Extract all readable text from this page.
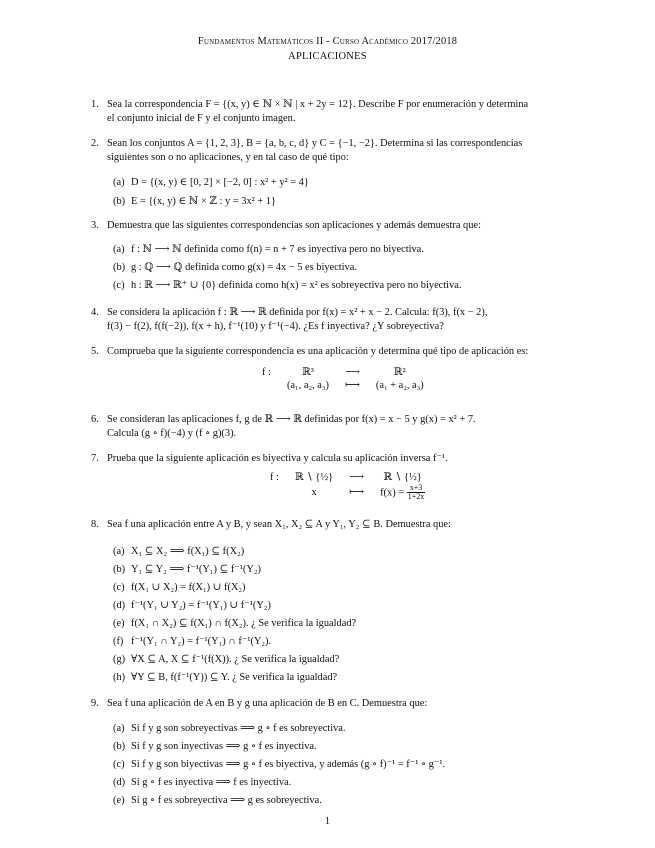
Fundamentos Matemáticos II - Curso Académico 2017/2018
APLICACIONES
1. Sea la correspondencia F = {(x, y) ∈ ℕ × ℕ | x + 2y = 12}. Describe F por enumeración y determina
el conjunto inicial de F y el conjunto imagen.
2. Sean los conjuntos A = {1, 2, 3}, B = {a, b, c, d} y C = {−1, −2}. Determina si las correspondencias
siguientes son o no aplicaciones, y en tal caso de qué tipo:
(a) D = {(x, y) ∈ [0, 2] × [−2, 0] : x² + y² = 4}
(b) E = {(x, y) ∈ ℕ × ℤ : y = 3x² + 1}
3. Demuestra que las siguientes correspondencias son aplicaciones y además demuestra que:
(a) f : ℕ ⟶ ℕ definida como f(n) = n + 7 es inyectiva pero no biyectiva.
(b) g : ℚ ⟶ ℚ definida como g(x) = 4x − 5 es biyectiva.
(c) h : ℝ ⟶ ℝ⁺ ∪ {0} definida como h(x) = x² es sobreyectiva pero no biyectiva.
4. Se considera la aplicación f : ℝ ⟶ ℝ definida por f(x) = x² + x − 2. Calcula: f(3), f(x − 2),
f(3) − f(2), f(f(−2)), f(x + h), f⁻¹(10) y f⁻¹(−4). ¿Es f inyectiva? ¿Y sobreyectiva?
5. Comprueba que la siguiente correspondencia es una aplicación y determina qué tipo de aplicación es:
f :	ℝ³	⟶	ℝ²
	(a₁, a₂, a₃)	⟼	(a₁ + a₂, a₃)
6. Se consideran las aplicaciones f, g de ℝ ⟶ ℝ definidas por f(x) = x − 5 y g(x) = x² + 7.
Calcula (g ∘ f)(−4) y (f ∘ g)(3).
7. Prueba que la siguiente aplicación es biyectiva y calcula su aplicación inversa f⁻¹.
f :	ℝ ∖ {½}	⟶	ℝ ∖ {½}
	x	⟼	$f(x) = \frac{x+3}{1+2x}$
8. Sea f una aplicación entre A y B, y sean X₁, X₂ ⊆ A y Y₁, Y₂ ⊆ B. Demuestra que:
(a) X₁ ⊆ X₂ ⟹ f(X₁) ⊆ f(X₂)
(b) Y₁ ⊆ Y₂ ⟹ f⁻¹(Y₁) ⊆ f⁻¹(Y₂)
(c) f(X₁ ∪ X₂) = f(X₁) ∪ f(X₂)
(d) f⁻¹(Y₁ ∪ Y₂) = f⁻¹(Y₁) ∪ f⁻¹(Y₂)
(e) f(X₁ ∩ X₂) ⊆ f(X₁) ∩ f(X₂). ¿ Se verifica la igualdad?
(f) f⁻¹(Y₁ ∩ Y₂) = f⁻¹(Y₁) ∩ f⁻¹(Y₂).
(g) ∀X ⊆ A, X ⊆ f⁻¹(f(X)). ¿ Se verifica la igualdad?
(h) ∀Y ⊆ B, f(f⁻¹(Y)) ⊆ Y. ¿ Se verifica la igualdad?
9. Sea f una aplicación de A en B y g una aplicación de B en C. Demuestra que:
(a) Si f y g son sobreyectivas ⟹ g ∘ f es sobreyectiva.
(b) Si f y g son inyectivas ⟹ g ∘ f es inyectiva.
(c) Si f y g son biyectivas ⟹ g ∘ f es biyectiva, y además (g ∘ f)⁻¹ = f⁻¹ ∘ g⁻¹.
(d) Si g ∘ f es inyectiva ⟹ f es inyectiva.
(e) Si g ∘ f es sobreyectiva ⟹ g es sobreyectiva.
1
